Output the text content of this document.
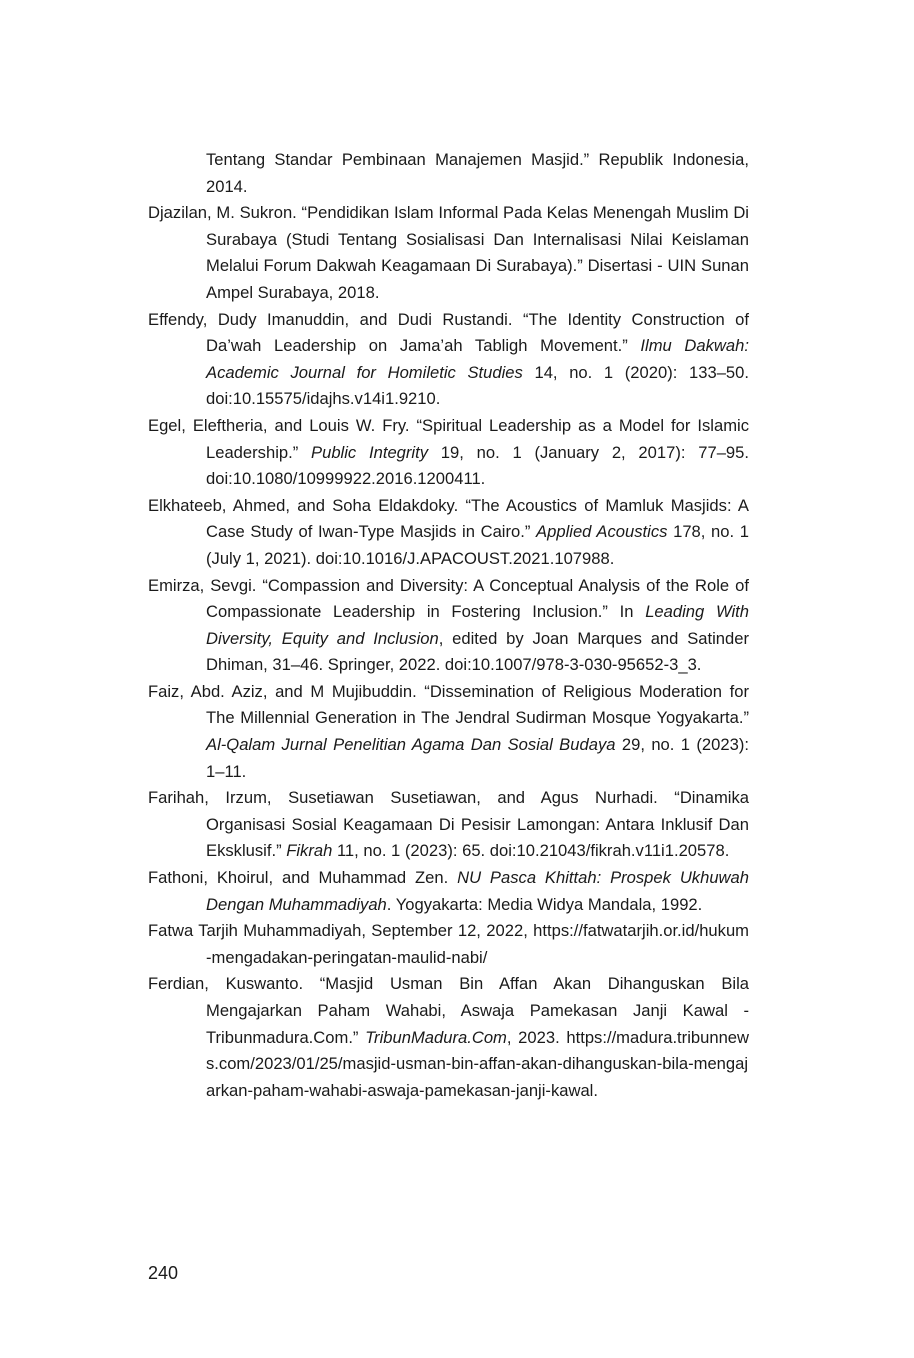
Tentang Standar Pembinaan Manajemen Masjid.” Republik Indonesia, 2014.

Djazilan, M. Sukron. “Pendidikan Islam Informal Pada Kelas Menengah Muslim Di Surabaya (Studi Tentang Sosialisasi Dan Internalisasi Nilai Keislaman Melalui Forum Dakwah Keagamaan Di Surabaya).” Disertasi - UIN Sunan Ampel Surabaya, 2018.

Effendy, Dudy Imanuddin, and Dudi Rustandi. “The Identity Construction of Da’wah Leadership on Jama’ah Tabligh Movement.” Ilmu Dakwah: Academic Journal for Homiletic Studies 14, no. 1 (2020): 133–50. doi:10.15575/idajhs.v14i1.9210.

Egel, Eleftheria, and Louis W. Fry. “Spiritual Leadership as a Model for Islamic Leadership.” Public Integrity 19, no. 1 (January 2, 2017): 77–95. doi:10.1080/10999922.2016.1200411.

Elkhateeb, Ahmed, and Soha Eldakdoky. “The Acoustics of Mamluk Masjids: A Case Study of Iwan-Type Masjids in Cairo.” Applied Acoustics 178, no. 1 (July 1, 2021). doi:10.1016/J.APACOUST.2021.107988.

Emirza, Sevgi. “Compassion and Diversity: A Conceptual Analysis of the Role of Compassionate Leadership in Fostering Inclusion.” In Leading With Diversity, Equity and Inclusion, edited by Joan Marques and Satinder Dhiman, 31–46. Springer, 2022. doi:10.1007/978-3-030-95652-3_3.

Faiz, Abd. Aziz, and M Mujibuddin. “Dissemination of Religious Moderation for The Millennial Generation in The Jendral Sudirman Mosque Yogyakarta.” Al-Qalam Jurnal Penelitian Agama Dan Sosial Budaya 29, no. 1 (2023): 1–11.

Farihah, Irzum, Susetiawan Susetiawan, and Agus Nurhadi. “Dinamika Organisasi Sosial Keagamaan Di Pesisir Lamongan: Antara Inklusif Dan Eksklusif.” Fikrah 11, no. 1 (2023): 65. doi:10.21043/fikrah.v11i1.20578.

Fathoni, Khoirul, and Muhammad Zen. NU Pasca Khittah: Prospek Ukhuwah Dengan Muhammadiyah. Yogyakarta: Media Widya Mandala, 1992.

Fatwa Tarjih Muhammadiyah, September 12, 2022, https://fatwatarjih.or.id/hukum-mengadakan-peringatan-maulid-nabi/

Ferdian, Kuswanto. “Masjid Usman Bin Affan Akan Dihanguskan Bila Mengajarkan Paham Wahabi, Aswaja Pamekasan Janji Kawal - Tribunmadura.Com.” TribunMadura.Com, 2023. https://madura.tribunnews.com/2023/01/25/masjid-usman-bin-affan-akan-dihanguskan-bila-mengajarkan-paham-wahabi-aswaja-pamekasan-janji-kawal.

240
